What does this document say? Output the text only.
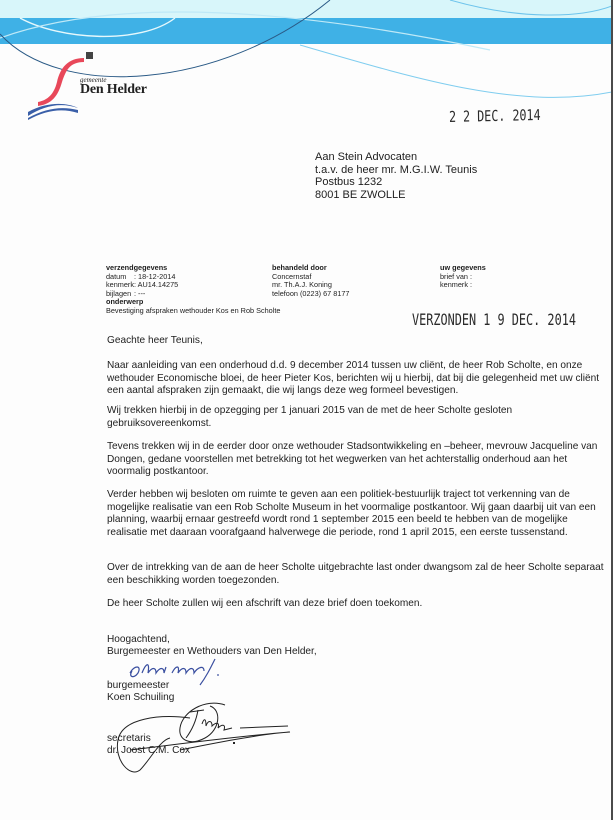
gemeente
Den Helder
2 2 DEC. 2014
Aan Stein Advocaten
t.a.v. de heer mr. M.G.I.W. Teunis
Postbus 1232
8001 BE ZWOLLE
verzendgegevens
datum : 18-12-2014
kenmerk: AU14.14275
bijlagen : ---
onderwerp
Bevestiging afspraken wethouder Kos en Rob Scholte
behandeld door
Concernstaf
mr. Th.A.J. Koning
telefoon (0223) 67 8177
uw gegevens
brief van :
kenmerk :
VERZONDEN 1 9 DEC. 2014
Geachte heer Teunis,

Naar aanleiding van een onderhoud d.d. 9 december 2014 tussen uw cliënt, de heer Rob Scholte, en onze wethouder Economische bloei, de heer Pieter Kos, berichten wij u hierbij, dat bij die gelegenheid met uw cliënt een aantal afspraken zijn gemaakt, die wij langs deze weg formeel bevestigen.

Wij trekken hierbij in de opzegging per 1 januari 2015 van de met de heer Scholte gesloten gebruiksovereenkomst.

Tevens trekken wij in de eerder door onze wethouder Stadsontwikkeling en –beheer, mevrouw Jacqueline van Dongen, gedane voorstellen met betrekking tot het wegwerken van het achterstallig onderhoud aan het voormalig postkantoor.

Verder hebben wij besloten om ruimte te geven aan een politiek-bestuurlijk traject tot verkenning van de mogelijke realisatie van een Rob Scholte Museum in het voormalige postkantoor. Wij gaan daarbij uit van een planning, waarbij ernaar gestreefd wordt rond 1 september 2015 een beeld te hebben van de mogelijke realisatie met daaraan voorafgaand halverwege die periode, rond 1 april 2015, een eerste tussenstand.

Over de intrekking van de aan de heer Scholte uitgebrachte last onder dwangsom zal de heer Scholte separaat een beschikking worden toegezonden.

De heer Scholte zullen wij een afschrift van deze brief doen toekomen.

Hoogachtend,
Burgemeester en Wethouders van Den Helder,
burgemeester
Koen Schuiling
secretaris
dr. Joost C.M. Cox
